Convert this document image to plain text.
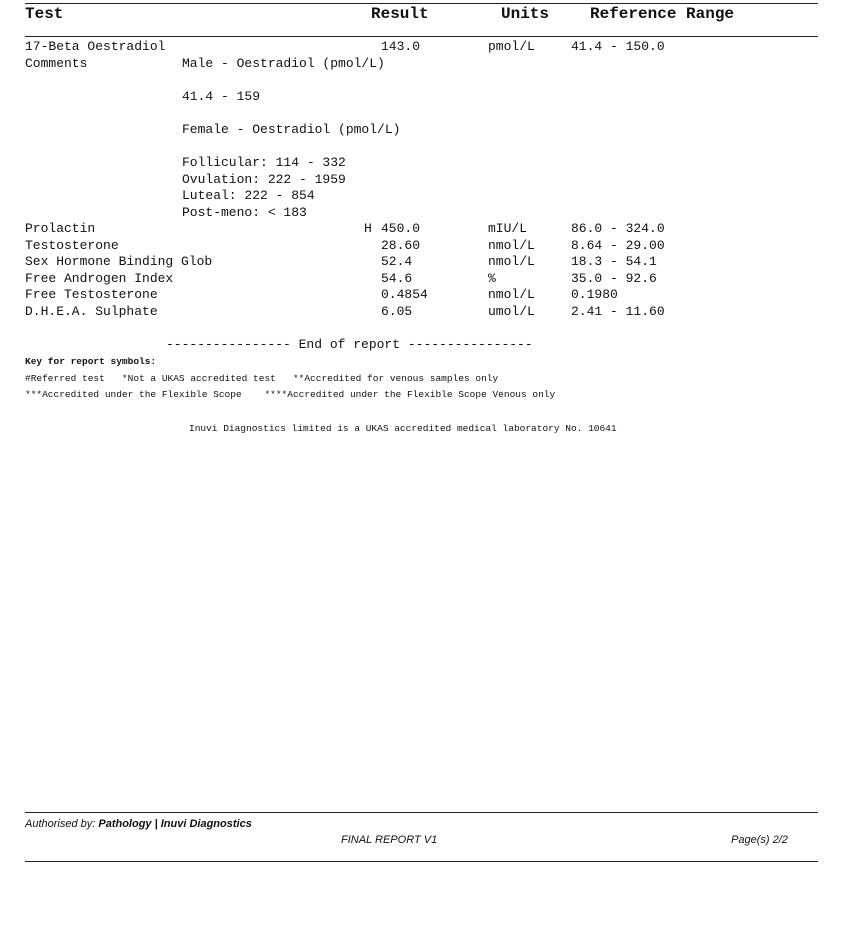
Test	Result	Units	Reference Range
17-Beta Oestradiol	143.0	pmol/L	41.4 - 150.0
Comments	Male - Oestradiol (pmol/L)
41.4 - 159
Female - Oestradiol (pmol/L)
Follicular: 114 - 332
Ovulation: 222 - 1959
Luteal: 222 - 854
Post-meno: < 183
Prolactin	H 450.0	mIU/L	86.0 - 324.0
Testosterone	28.60	nmol/L	8.64 - 29.00
Sex Hormone Binding Glob	52.4	nmol/L	18.3 - 54.1
Free Androgen Index	54.6	%	35.0 - 92.6
Free Testosterone	0.4854	nmol/L	0.1980
D.H.E.A. Sulphate	6.05	umol/L	2.41 - 11.60
---------------- End of report ----------------
Key for report symbols:
#Referred test   *Not a UKAS accredited test   **Accredited for venous samples only
***Accredited under the Flexible Scope    ****Accredited under the Flexible Scope Venous only
Inuvi Diagnostics limited is a UKAS accredited medical laboratory No. 10641
Authorised by: Pathology | Inuvi Diagnostics
FINAL REPORT V1	Page(s) 2/2
